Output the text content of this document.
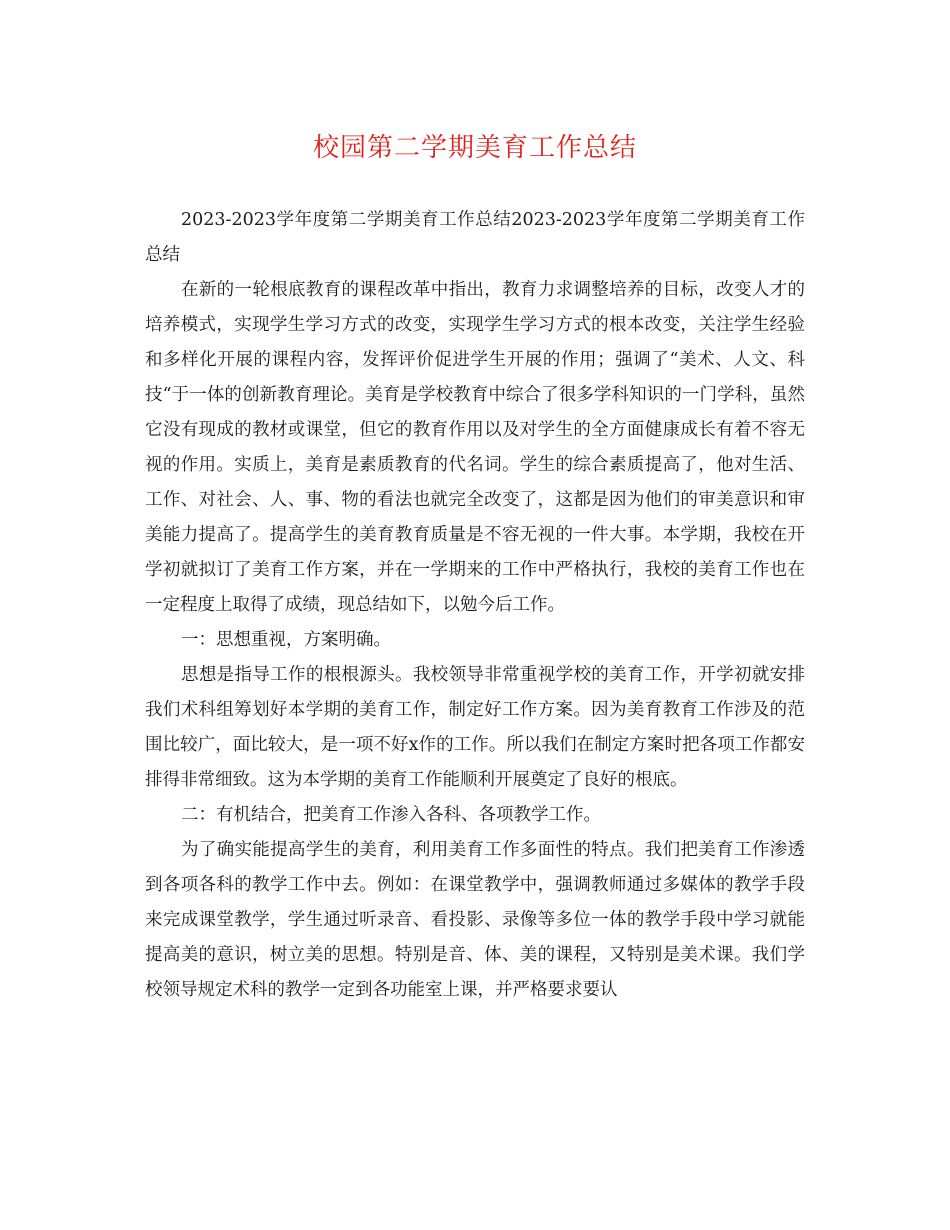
校园第二学期美育工作总结

2023-2023学年度第二学期美育工作总结2023-2023学年度第二学期美育工作总结

在新的一轮根底教育的课程改革中指出，教育力求调整培养的目标，改变人才的培养模式，实现学生学习方式的改变，实现学生学习方式的根本改变，关注学生经验和多样化开展的课程内容，发挥评价促进学生开展的作用；强调了“美术、人文、科技“于一体的创新教育理论。美育是学校教育中综合了很多学科知识的一门学科，虽然它没有现成的教材或课堂，但它的教育作用以及对学生的全方面健康成长有着不容无视的作用。实质上，美育是素质教育的代名词。学生的综合素质提高了，他对生活、工作、对社会、人、事、物的看法也就完全改变了，这都是因为他们的审美意识和审美能力提高了。提高学生的美育教育质量是不容无视的一件大事。本学期，我校在开学初就拟订了美育工作方案，并在一学期来的工作中严格执行，我校的美育工作也在一定程度上取得了成绩，现总结如下，以勉今后工作。

一：思想重视，方案明确。

思想是指导工作的根根源头。我校领导非常重视学校的美育工作，开学初就安排我们术科组筹划好本学期的美育工作，制定好工作方案。因为美育教育工作涉及的范围比较广，面比较大，是一项不好x作的工作。所以我们在制定方案时把各项工作都安排得非常细致。这为本学期的美育工作能顺利开展奠定了良好的根底。

二：有机结合，把美育工作渗入各科、各项教学工作。

为了确实能提高学生的美育，利用美育工作多面性的特点。我们把美育工作渗透到各项各科的教学工作中去。例如：在课堂教学中，强调教师通过多媒体的教学手段来完成课堂教学，学生通过听录音、看投影、录像等多位一体的教学手段中学习就能提高美的意识，树立美的思想。特别是音、体、美的课程，又特别是美术课。我们学校领导规定术科的教学一定到各功能室上课，并严格要求要认
